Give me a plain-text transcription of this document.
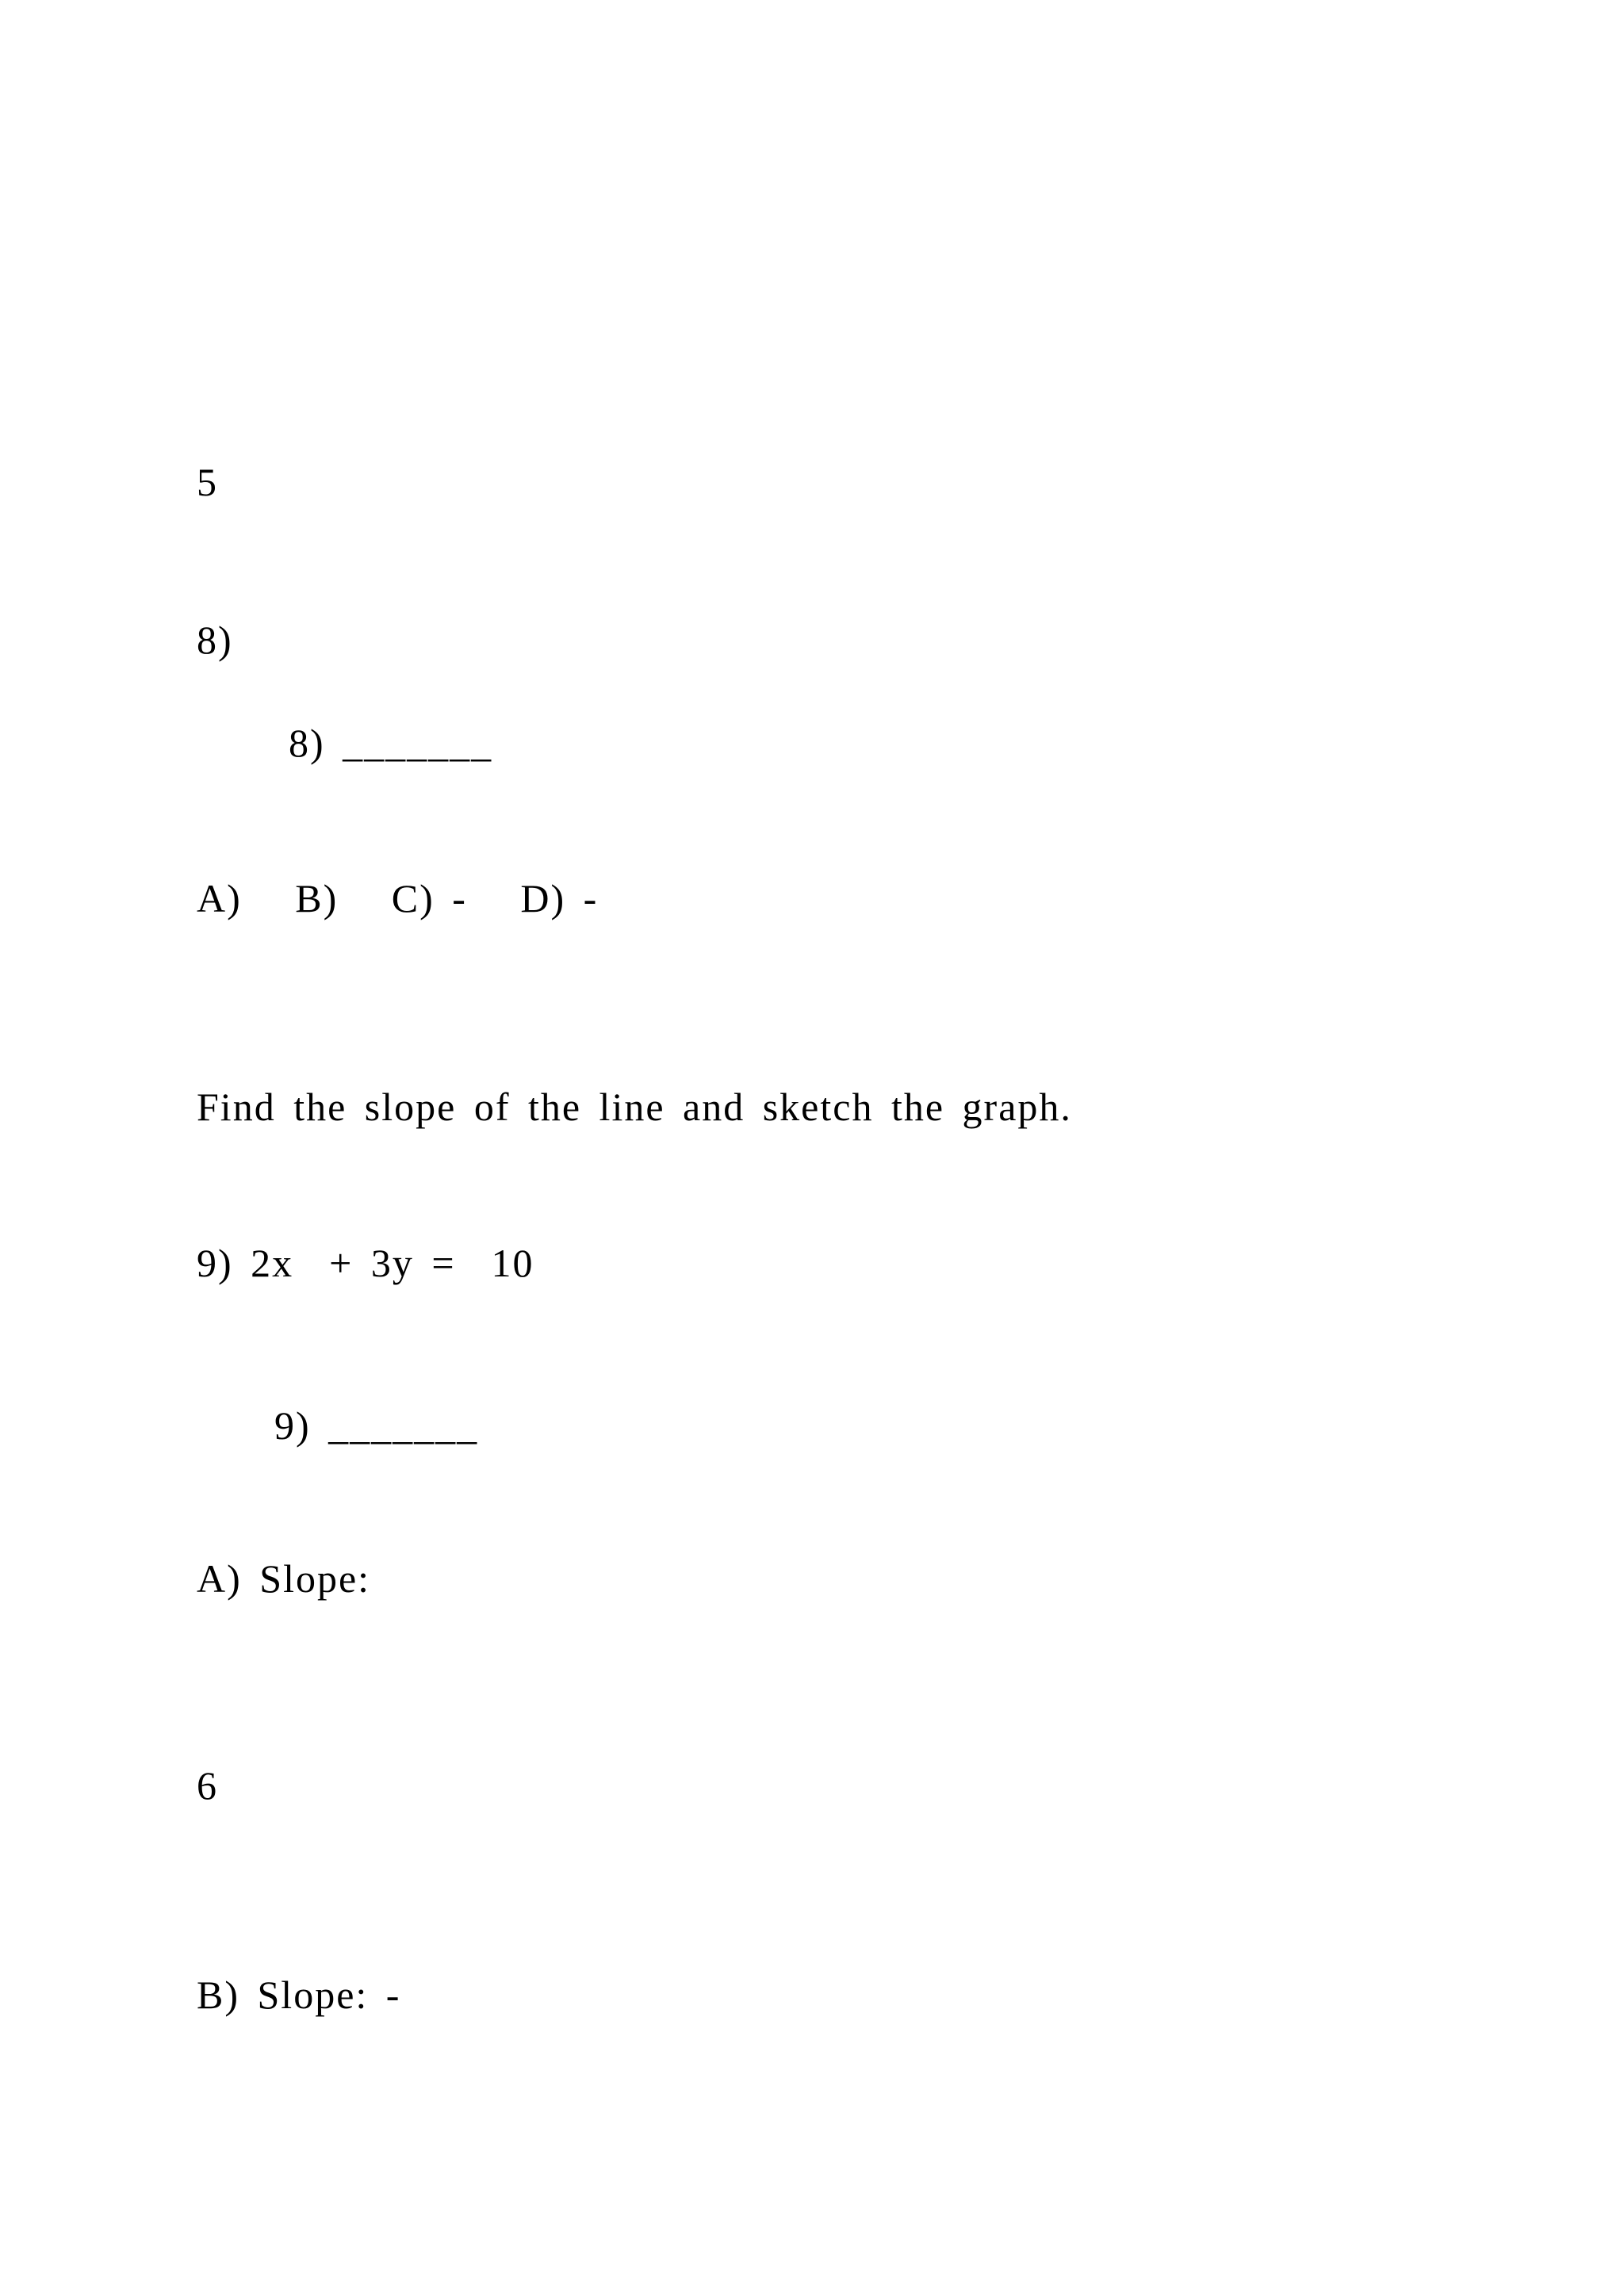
5
8)
8) _______
A)   B)   C) -   D) -
Find the slope of the line and sketch the graph.
9) 2x  + 3y =  10
9) _______
A) Slope:
6
B) Slope: -
